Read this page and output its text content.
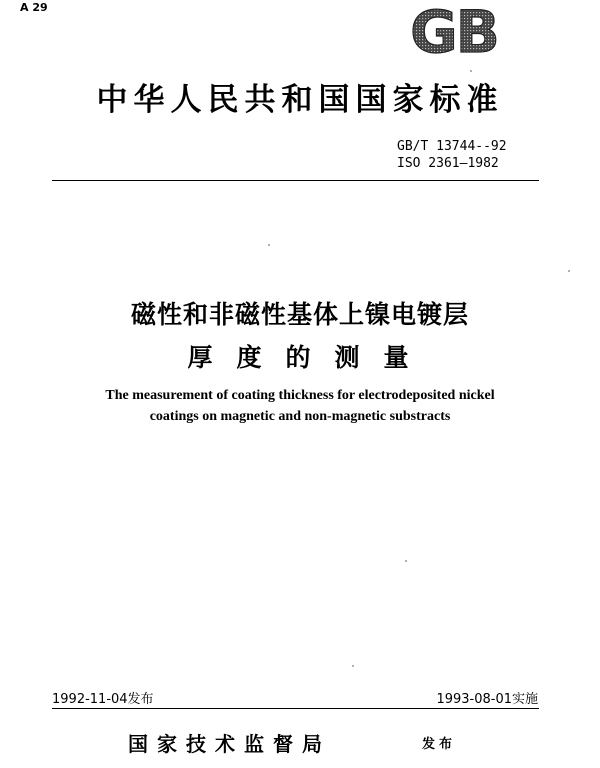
A 29	GB
中华人民共和国国家标准
GB/T 13744--92
ISO 2361—1982
磁性和非磁性基体上镍电镀层
厚度的测量
The measurement of coating thickness for electrodeposited nickel
coatings on magnetic and non-magnetic substracts
1992-11-04发布	1993-08-01实施
国家技术监督局	发布
